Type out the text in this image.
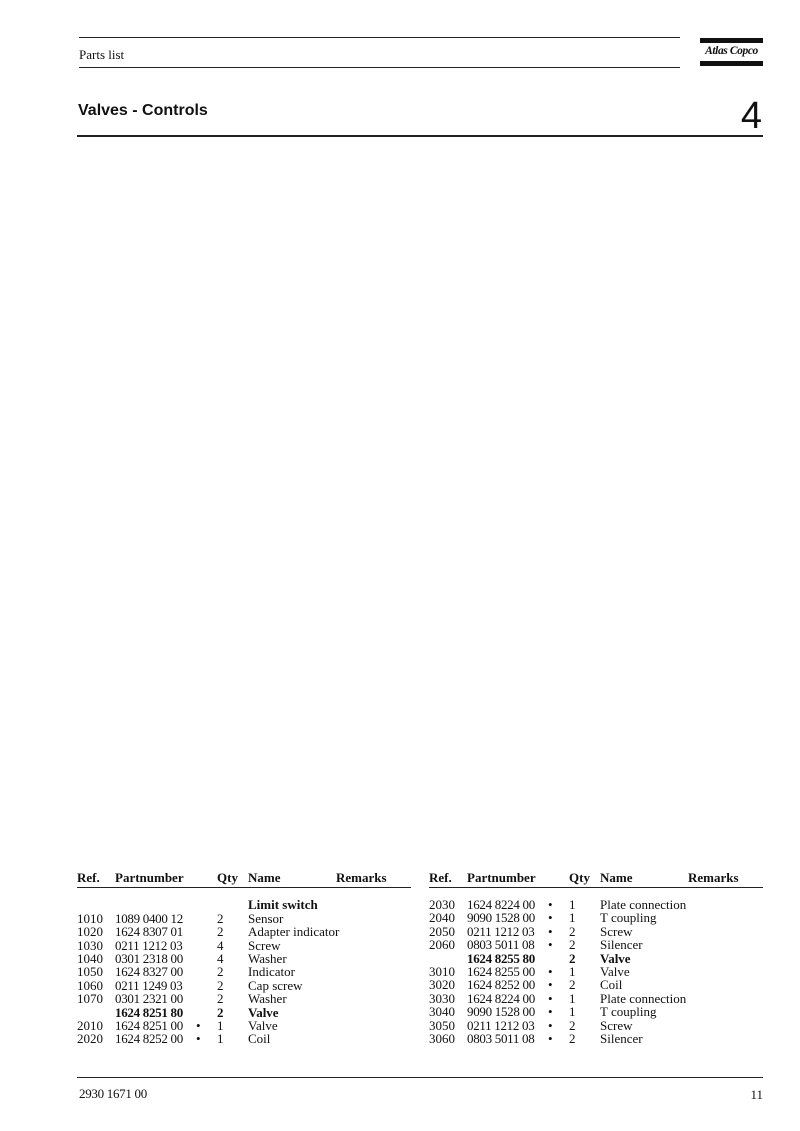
Parts list	Atlas Copco
Valves - Controls	4
Ref. Partnumber	Qty Name	Remarks
Limit switch
1010 1089 0400 12	2 Sensor
1020 1624 8307 01	2 Adapter indicator
1030 0211 1212 03	4 Screw
1040 0301 2318 00	4 Washer
1050 1624 8327 00	2 Indicator
1060 0211 1249 03	2 Cap screw
1070 0301 2321 00	2 Washer
1624 8251 80	2 Valve
2010 1624 8251 00 • 1 Valve
2020 1624 8252 00 • 1 Coil
Ref. Partnumber	Qty Name	Remarks
2030 1624 8224 00 • 1 Plate connection
2040 9090 1528 00 • 1 T coupling
2050 0211 1212 03 • 2 Screw
2060 0803 5011 08 • 2 Silencer
1624 8255 80	2 Valve
3010 1624 8255 00 • 1 Valve
3020 1624 8252 00 • 2 Coil
3030 1624 8224 00 • 1 Plate connection
3040 9090 1528 00 • 1 T coupling
3050 0211 1212 03 • 2 Screw
3060 0803 5011 08 • 2 Silencer
2930 1671 00	11
